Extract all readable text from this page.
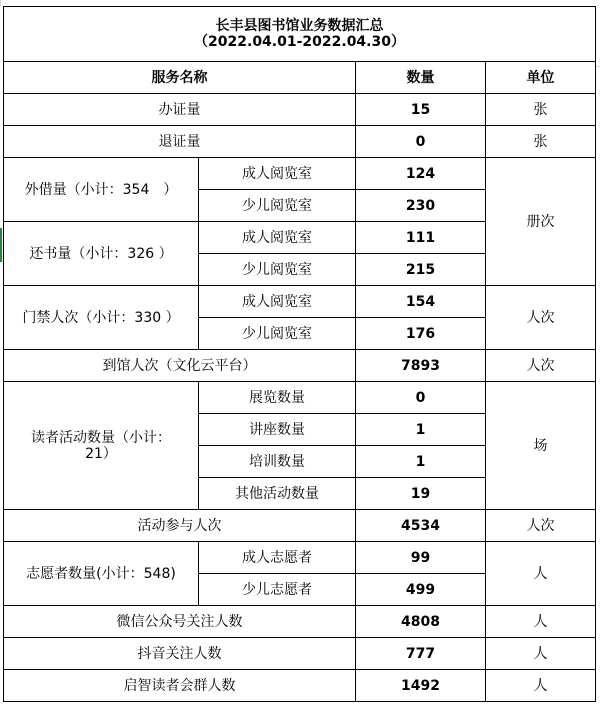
长丰县图书馆业务数据汇总
（2022.04.01-2022.04.30）			

服务名称		数量	单位
办证量		15	张
退证量		0	张
外借量（小计：354　）	成人阅览室	124	册次
	少儿阅览室	230	
还书量（小计：326 ）	成人阅览室	111	
	少儿阅览室	215	
门禁人次（小计：330 ）	成人阅览室	154	人次
	少儿阅览室	176	
到馆人次（文化云平台）		7893	人次
读者活动数量（小计：
21）	展览数量	0	场
	讲座数量	1	
	培训数量	1	
	其他活动数量	19	
活动参与人次		4534	人次
志愿者数量(小计：548)	成人志愿者	99	人
	少儿志愿者	499	
微信公众号关注人数		4808	人
抖音关注人数		777	人
启智读者会群人数		1492	人
